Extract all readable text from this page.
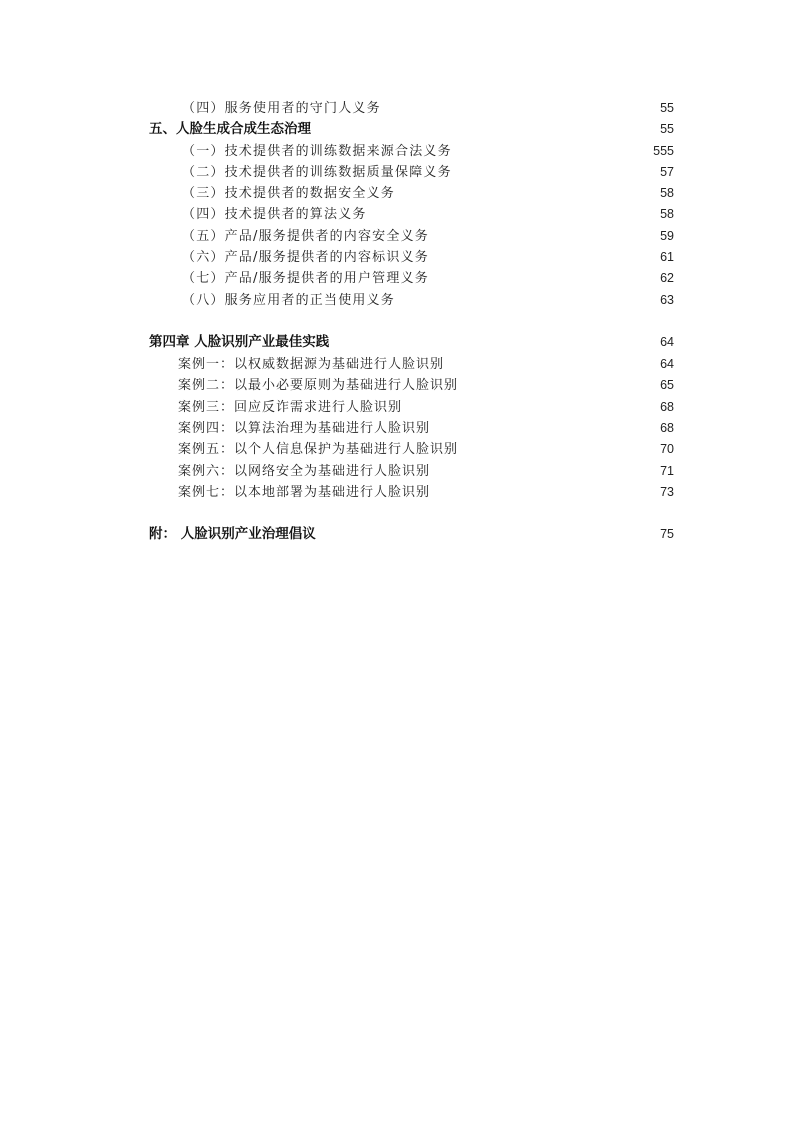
（四）服务使用者的守门人义务	55
五、人脸生成合成生态治理	55
（一）技术提供者的训练数据来源合法义务	555
（二）技术提供者的训练数据质量保障义务	57
（三）技术提供者的数据安全义务	58
（四）技术提供者的算法义务	58
（五）产品/服务提供者的内容安全义务	59
（六）产品/服务提供者的内容标识义务	61
（七）产品/服务提供者的用户管理义务	62
（八）服务应用者的正当使用义务	63
第四章 人脸识别产业最佳实践	64
案例一：以权威数据源为基础进行人脸识别	64
案例二：以最小必要原则为基础进行人脸识别	65
案例三：回应反诈需求进行人脸识别	68
案例四：以算法治理为基础进行人脸识别	68
案例五：以个人信息保护为基础进行人脸识别	70
案例六：以网络安全为基础进行人脸识别	71
案例七：以本地部署为基础进行人脸识别	73
附： 人脸识别产业治理倡议	75
